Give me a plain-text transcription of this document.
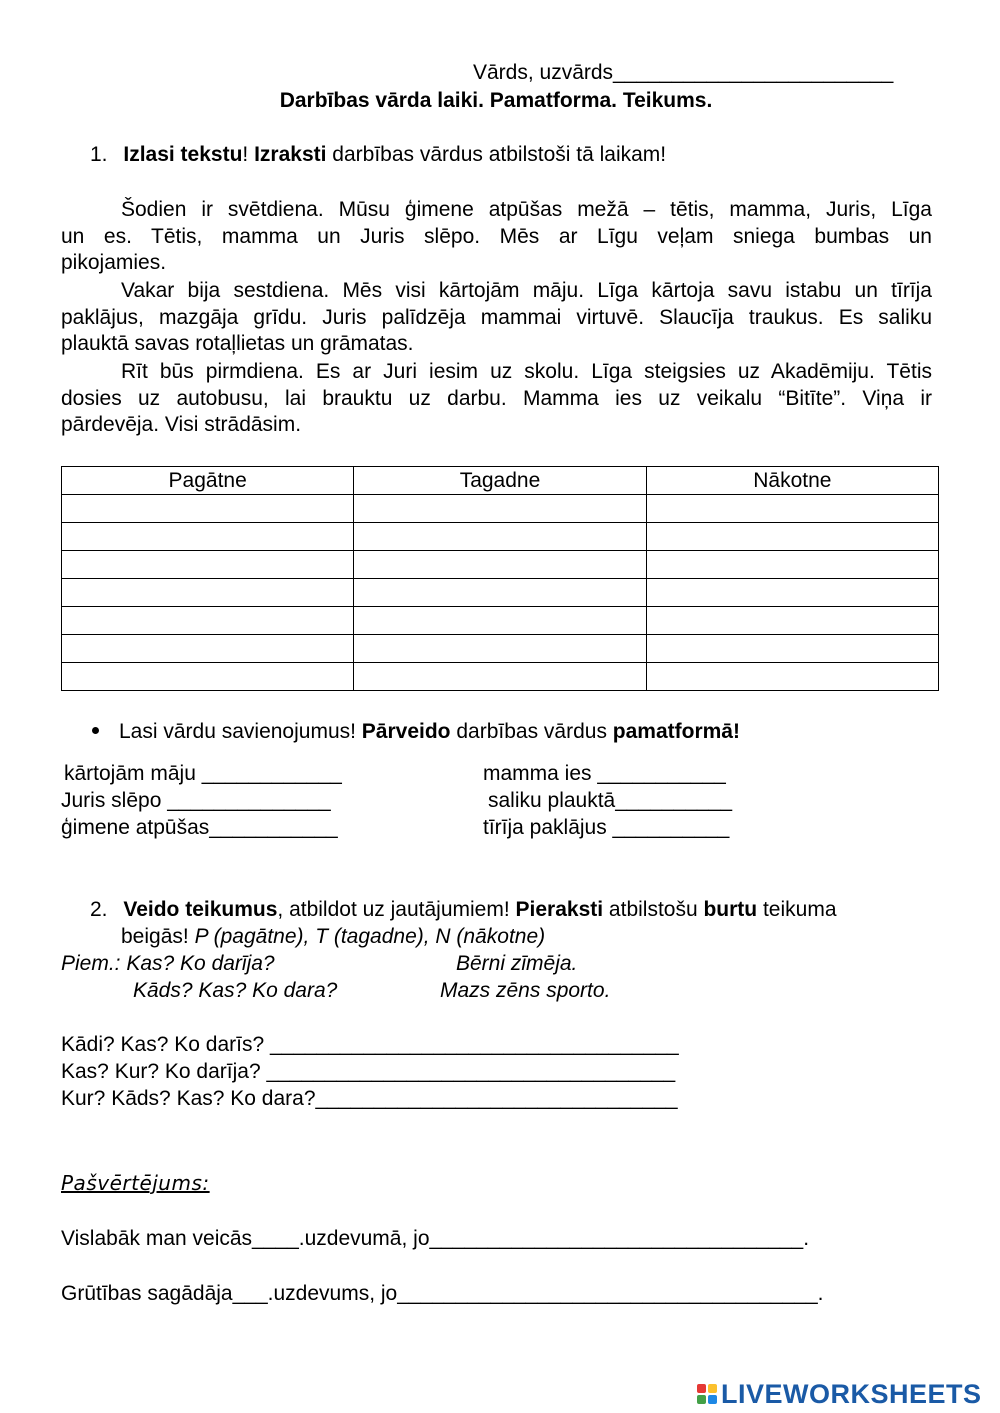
Vārds, uzvārds________________________
Darbības vārda laiki. Pamatforma. Teikums.
1. Izlasi tekstu! Izraksti darbības vārdus atbilstoši tā laikam!
Šodien ir svētdiena. Mūsu ģimene atpūšas mežā – tētis, mamma, Juris, Līga
un es. Tētis, mamma un Juris slēpo. Mēs ar Līgu veļam sniega bumbas un
pikojamies.
Vakar bija sestdiena. Mēs visi kārtojām māju. Līga kārtoja savu istabu un tīrīja
paklājus, mazgāja grīdu. Juris palīdzēja mammai virtuvē. Slaucīja traukus. Es saliku
plauktā savas rotaļlietas un grāmatas.
Rīt būs pirmdiena. Es ar Juri iesim uz skolu. Līga steigsies uz Akadēmiju. Tētis
dosies uz autobusu, lai brauktu uz darbu. Mamma ies uz veikalu “Bitīte”. Viņa ir
pārdevēja. Visi strādāsim.
Pagātne	Tagadne	Nākotne

Lasi vārdu savienojumus! Pārveido darbības vārdus pamatformā!
kārtojām māju ____________	mamma ies ___________
Juris slēpo ______________	saliku plauktā__________
ģimene atpūšas___________	tīrīja paklājus __________
2. Veido teikumus, atbildot uz jautājumiem! Pieraksti atbilstošu burtu teikuma
beigās! P (pagātne), T (tagadne), N (nākotne)
Piem.: Kas? Ko darīja?	Bērni zīmēja.
Kāds? Kas? Ko dara?	Mazs zēns sporto.
Kādi? Kas? Ko darīs? ___________________________________
Kas? Kur? Ko darīja? ___________________________________
Kur? Kāds? Kas? Ko dara?_______________________________
Pašvērtējums:
Vislabāk man veicās____.uzdevumā, jo________________________________.
Grūtības sagādāja___.uzdevums, jo____________________________________.
LIVEWORKSHEETS
